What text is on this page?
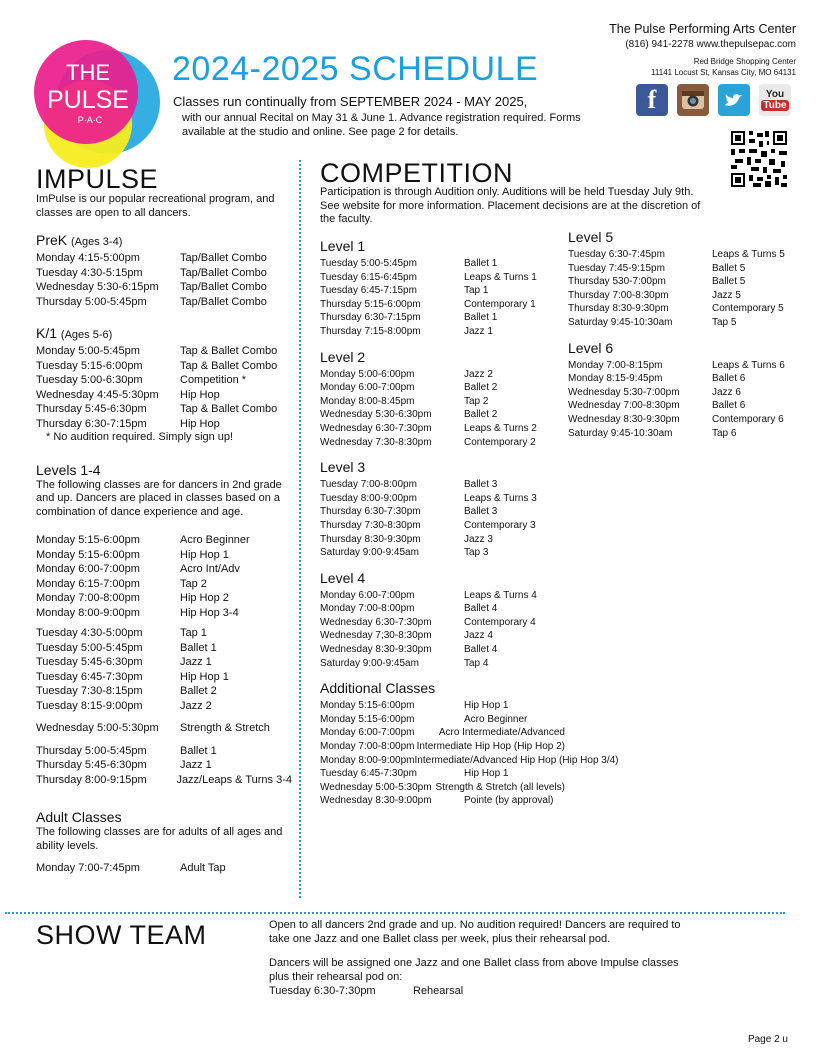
THE
PULSE
P·A·C
2024-2025 SCHEDULE
Classes run continually from SEPTEMBER 2024 - MAY 2025,
with our annual Recital on May 31 & June 1. Advance registration required. Forms available at the studio and online. See page 2 for details.
The Pulse Performing Arts Center
(816) 941-2278 www.thepulsepac.com
Red Bridge Shopping Center
11141 Locust St, Kansas City, MO 64131
f	You
Tube
IMPULSE
ImPulse is our popular recreational program, and classes are open to all dancers.
PreK (Ages 3-4)
Monday 4:15-5:00pm	Tap/Ballet Combo
Tuesday 4:30-5:15pm	Tap/Ballet Combo
Wednesday 5:30-6:15pm	Tap/Ballet Combo
Thursday 5:00-5:45pm	Tap/Ballet Combo
K/1 (Ages 5-6)
Monday 5:00-5:45pm	Tap & Ballet Combo
Tuesday 5:15-6:00pm	Tap & Ballet Combo
Tuesday 5:00-6:30pm	Competition *
Wednesday 4:45-5:30pm	Hip Hop
Thursday 5:45-6:30pm	Tap & Ballet Combo
Thursday 6:30-7:15pm	Hip Hop
* No audition required. Simply sign up!
Levels 1-4
The following classes are for dancers in 2nd grade and up. Dancers are placed in classes based on a combination of dance experience and age.
Monday 5:15-6:00pm	Acro Beginner
Monday 5:15-6:00pm	Hip Hop 1
Monday 6:00-7:00pm	Acro Int/Adv
Monday 6:15-7:00pm	Tap 2
Monday 7:00-8:00pm	Hip Hop 2
Monday 8:00-9:00pm	Hip Hop 3-4
Tuesday 4:30-5:00pm	Tap 1
Tuesday 5:00-5:45pm	Ballet 1
Tuesday 5:45-6:30pm	Jazz 1
Tuesday 6:45-7:30pm	Hip Hop 1
Tuesday 7:30-8:15pm	Ballet 2
Tuesday 8:15-9:00pm	Jazz 2
Wednesday 5:00-5:30pm	Strength & Stretch
Thursday 5:00-5:45pm	Ballet 1
Thursday 5:45-6:30pm	Jazz 1
Thursday 8:00-9:15pm	Jazz/Leaps & Turns 3-4
Adult Classes
The following classes are for adults of all ages and ability levels.
Monday 7:00-7:45pm	Adult Tap
COMPETITION
Participation is through Audition only. Auditions will be held Tuesday July 9th. See website for more information. Placement decisions are at the discretion of the faculty.
Level 1
Tuesday 5:00-5:45pm	Ballet 1
Tuesday 6:15-6:45pm	Leaps & Turns 1
Tuesday 6:45-7:15pm	Tap 1
Thursday 5:15-6:00pm	Contemporary 1
Thursday 6:30-7:15pm	Ballet 1
Thursday 7:15-8:00pm	Jazz 1
Level 2
Monday 5:00-6:00pm	Jazz 2
Monday 6:00-7:00pm	Ballet 2
Monday 8:00-8:45pm	Tap 2
Wednesday 5:30-6:30pm	Ballet 2
Wednesday 6:30-7:30pm	Leaps & Turns 2
Wednesday 7:30-8:30pm	Contemporary 2
Level 3
Tuesday 7:00-8:00pm	Ballet 3
Tuesday 8:00-9:00pm	Leaps & Turns 3
Thursday 6:30-7:30pm	Ballet 3
Thursday 7:30-8:30pm	Contemporary 3
Thursday 8:30-9:30pm	Jazz 3
Saturday 9:00-9:45am	Tap 3
Level 4
Monday 6:00-7:00pm	Leaps & Turns 4
Monday 7:00-8:00pm	Ballet 4
Wednesday 6:30-7:30pm	Contemporary 4
Wednesday 7;30-8:30pm	Jazz 4
Wednesday 8:30-9:30pm	Ballet 4
Saturday 9:00-9:45am	Tap 4
Additional Classes
Monday 5:15-6:00pm	Hip Hop 1
Monday 5:15-6:00pm	Acro Beginner
Monday 6:00-7:00pm	Acro Intermediate/Advanced
Monday 7:00-8:00pm Intermediate Hip Hop (Hip Hop 2)
Monday 8:00-9:00pm Intermediate/Advanced Hip Hop (Hip Hop 3/4)
Tuesday 6:45-7:30pm	Hip Hop 1
Wednesday 5:00-5:30pm Strength & Stretch (all levels)
Wednesday 8:30-9:00pm	Pointe (by approval)
Level 5
Tuesday 6:30-7:45pm	Leaps & Turns 5
Tuesday 7:45-9:15pm	Ballet 5
Thursday 530-7:00pm	Ballet 5
Thursday 7:00-8:30pm	Jazz 5
Thursday 8:30-9:30pm	Contemporary 5
Saturday 9:45-10:30am	Tap 5
Level 6
Monday 7:00-8:15pm	Leaps & Turns 6
Monday 8:15-9:45pm	Ballet 6
Wednesday 5:30-7:00pm	Jazz 6
Wednesday 7:00-8:30pm	Ballet 6
Wednesday 8:30-9:30pm	Contemporary 6
Saturday 9:45-10:30am	Tap 6
SHOW TEAM	Open to all dancers 2nd grade and up. No audition required! Dancers are required to take one Jazz and one Ballet class per week, plus their rehearsal pod.
Dancers will be assigned one Jazz and one Ballet class from above Impulse classes plus their rehearsal pod on:
Tuesday 6:30-7:30pm	Rehearsal
Page 2 u
